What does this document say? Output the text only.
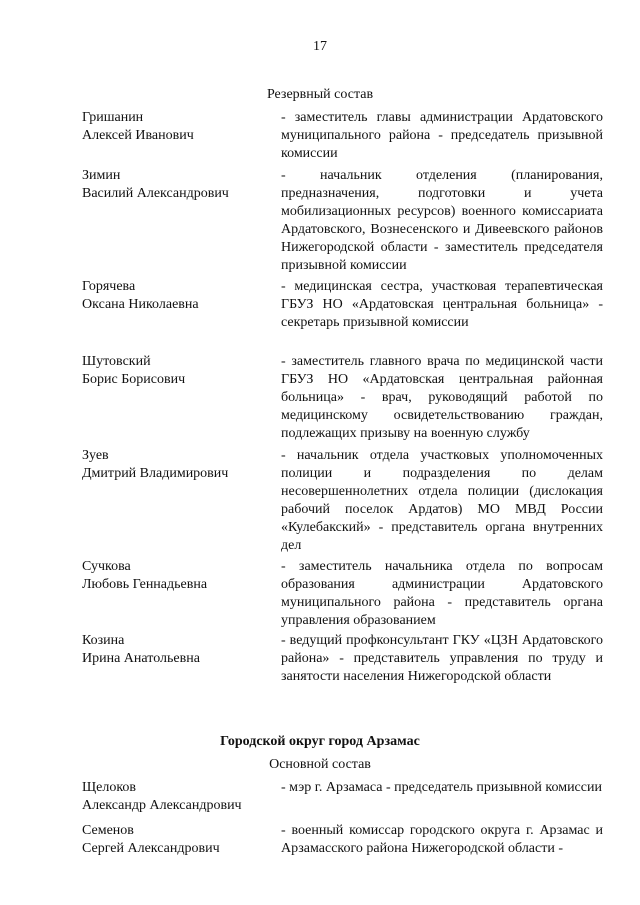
17
Резервный состав
Гришанин
Алексей Иванович
- заместитель главы администрации Ардатовского муниципального района - председатель призывной комиссии
Зимин
Василий Александрович
- начальник отделения (планирования, предназначения, подготовки и учета мобилизационных ресурсов) военного комиссариата Ардатовского, Вознесенского и Дивеевского районов Нижегородской области - заместитель председателя призывной комиссии
Горячева
Оксана Николаевна
- медицинская сестра, участковая терапевтическая ГБУЗ НО «Ардатовская центральная больница» - секретарь призывной комиссии
Шутовский
Борис Борисович
- заместитель главного врача по медицинской части ГБУЗ НО «Ардатовская центральная районная больница» - врач, руководящий работой по медицинскому освидетельствованию граждан, подлежащих призыву на военную службу
Зуев
Дмитрий Владимирович
- начальник отдела участковых уполномоченных полиции и подразделения по делам несовершеннолетних отдела полиции (дислокация рабочий поселок Ардатов) МО МВД России «Кулебакский» - представитель органа внутренних дел
Сучкова
Любовь Геннадьевна
- заместитель начальника отдела по вопросам образования администрации Ардатовского муниципального района - представитель органа управления образованием
Козина
Ирина Анатольевна
- ведущий профконсультант ГКУ «ЦЗН Ардатовского района» - представитель управления по труду и занятости населения Нижегородской области
Городской округ город Арзамас
Основной состав
Щелоков
Александр Александрович
- мэр г. Арзамаса - председатель призывной комиссии
Семенов
Сергей Александрович
- военный комиссар городского округа г. Арзамас и Арзамасского района Нижегородской области -
